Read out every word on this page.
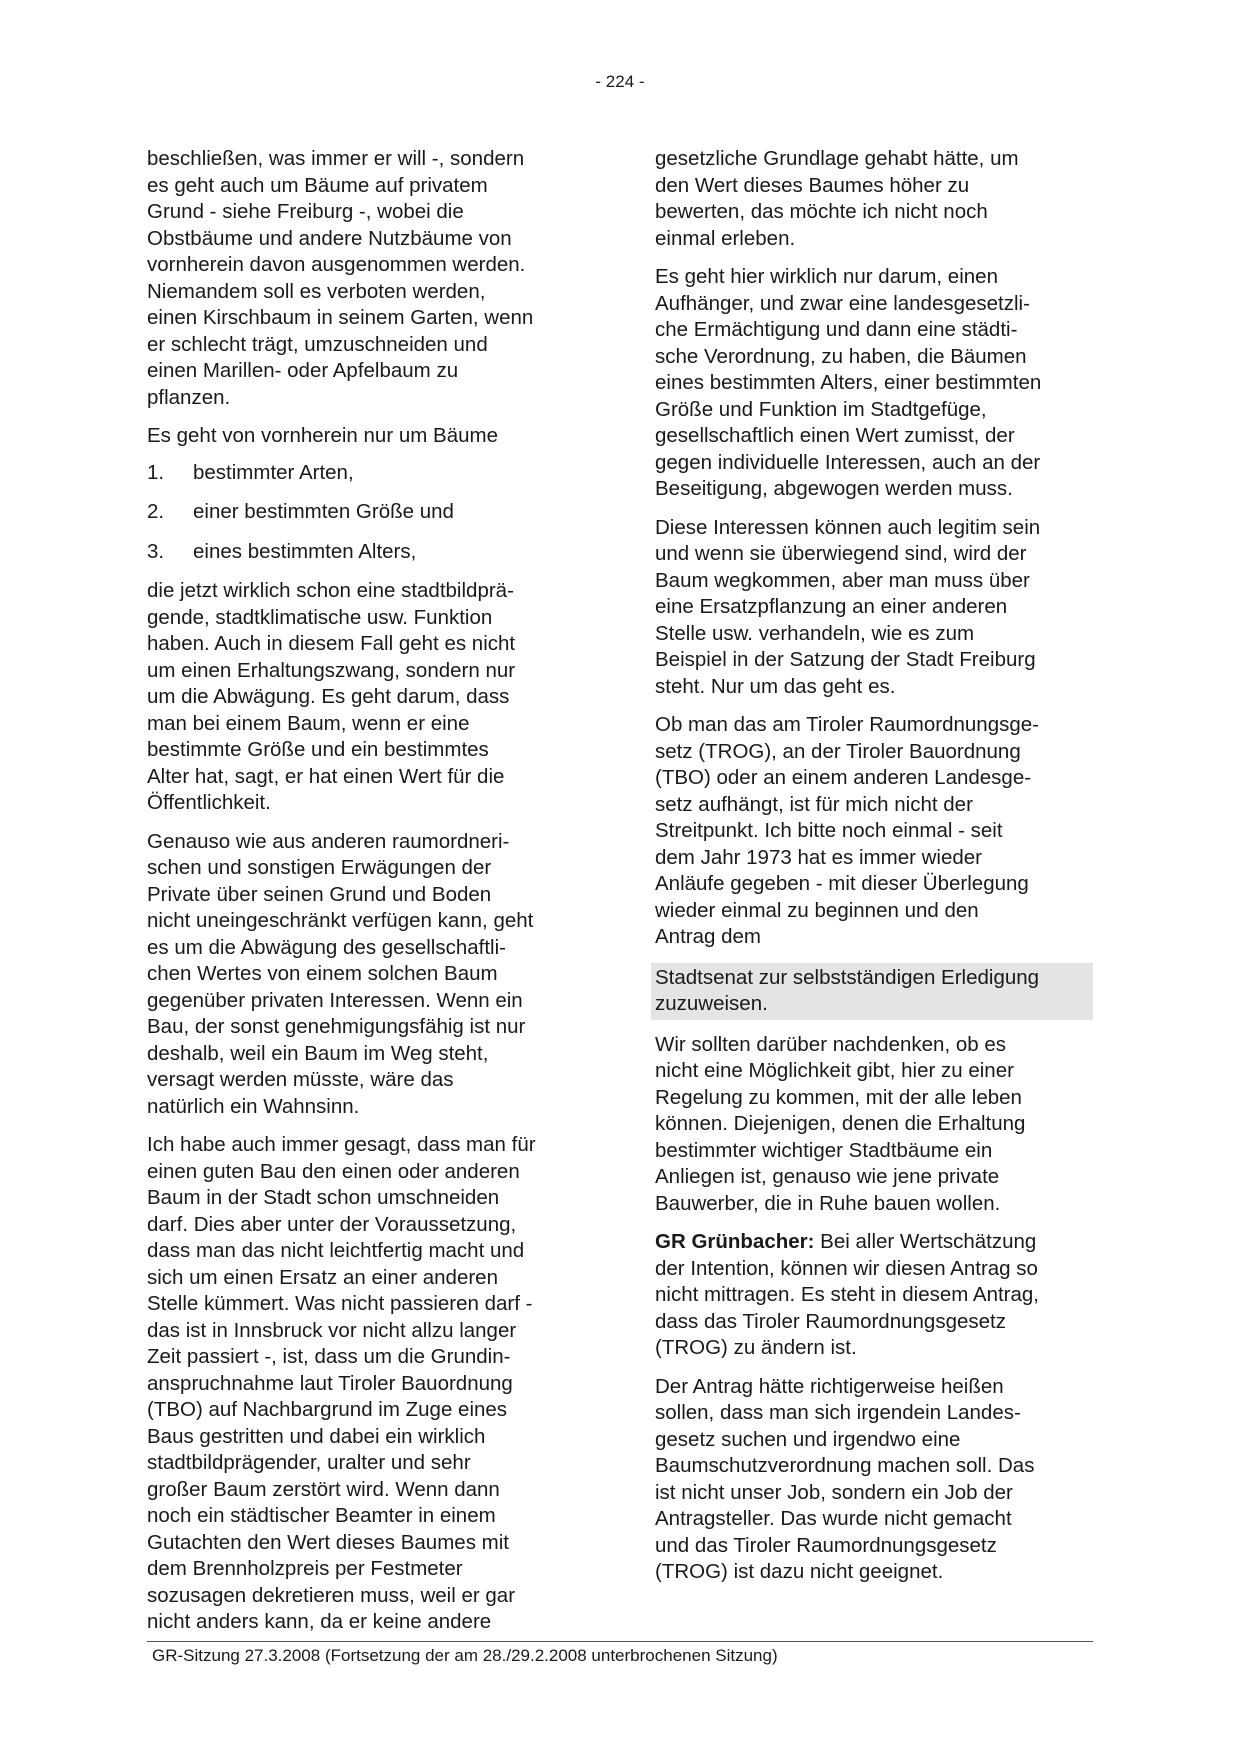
- 224 -

beschließen, was immer er will -, sondern
es geht auch um Bäume auf privatem
Grund - siehe Freiburg -, wobei die
Obstbäume und andere Nutzbäume von
vornherein davon ausgenommen werden.
Niemandem soll es verboten werden,
einen Kirschbaum in seinem Garten, wenn
er schlecht trägt, umzuschneiden und
einen Marillen- oder Apfelbaum zu
pflanzen.

Es geht von vornherein nur um Bäume

1.	bestimmter Arten,
2.	einer bestimmten Größe und
3.	eines bestimmten Alters,

die jetzt wirklich schon eine stadtbildprä-
gende, stadtklimatische usw. Funktion
haben. Auch in diesem Fall geht es nicht
um einen Erhaltungszwang, sondern nur
um die Abwägung. Es geht darum, dass
man bei einem Baum, wenn er eine
bestimmte Größe und ein bestimmtes
Alter hat, sagt, er hat einen Wert für die
Öffentlichkeit.

Genauso wie aus anderen raumordneri-
schen und sonstigen Erwägungen der
Private über seinen Grund und Boden
nicht uneingeschränkt verfügen kann, geht
es um die Abwägung des gesellschaftli-
chen Wertes von einem solchen Baum
gegenüber privaten Interessen. Wenn ein
Bau, der sonst genehmigungsfähig ist nur
deshalb, weil ein Baum im Weg steht,
versagt werden müsste, wäre das
natürlich ein Wahnsinn.

Ich habe auch immer gesagt, dass man für
einen guten Bau den einen oder anderen
Baum in der Stadt schon umschneiden
darf. Dies aber unter der Voraussetzung,
dass man das nicht leichtfertig macht und
sich um einen Ersatz an einer anderen
Stelle kümmert. Was nicht passieren darf -
das ist in Innsbruck vor nicht allzu langer
Zeit passiert -, ist, dass um die Grundin-
anspruchnahme laut Tiroler Bauordnung
(TBO) auf Nachbargrund im Zuge eines
Baus gestritten und dabei ein wirklich
stadtbildprägender, uralter und sehr
großer Baum zerstört wird. Wenn dann
noch ein städtischer Beamter in einem
Gutachten den Wert dieses Baumes mit
dem Brennholzpreis per Festmeter
sozusagen dekretieren muss, weil er gar
nicht anders kann, da er keine andere

gesetzliche Grundlage gehabt hätte, um
den Wert dieses Baumes höher zu
bewerten, das möchte ich nicht noch
einmal erleben.

Es geht hier wirklich nur darum, einen
Aufhänger, und zwar eine landesgesetzli-
che Ermächtigung und dann eine städti-
sche Verordnung, zu haben, die Bäumen
eines bestimmten Alters, einer bestimmten
Größe und Funktion im Stadtgefüge,
gesellschaftlich einen Wert zumisst, der
gegen individuelle Interessen, auch an der
Beseitigung, abgewogen werden muss.

Diese Interessen können auch legitim sein
und wenn sie überwiegend sind, wird der
Baum wegkommen, aber man muss über
eine Ersatzpflanzung an einer anderen
Stelle usw. verhandeln, wie es zum
Beispiel in der Satzung der Stadt Freiburg
steht. Nur um das geht es.

Ob man das am Tiroler Raumordnungsge-
setz (TROG), an der Tiroler Bauordnung
(TBO) oder an einem anderen Landesge-
setz aufhängt, ist für mich nicht der
Streitpunkt. Ich bitte noch einmal - seit
dem Jahr 1973 hat es immer wieder
Anläufe gegeben - mit dieser Überlegung
wieder einmal zu beginnen und den
Antrag dem

Stadtsenat zur selbstständigen Erledigung
zuzuweisen.

Wir sollten darüber nachdenken, ob es
nicht eine Möglichkeit gibt, hier zu einer
Regelung zu kommen, mit der alle leben
können. Diejenigen, denen die Erhaltung
bestimmter wichtiger Stadtbäume ein
Anliegen ist, genauso wie jene private
Bauwerber, die in Ruhe bauen wollen.

GR Grünbacher: Bei aller Wertschätzung
der Intention, können wir diesen Antrag so
nicht mittragen. Es steht in diesem Antrag,
dass das Tiroler Raumordnungsgesetz
(TROG) zu ändern ist.

Der Antrag hätte richtigerweise heißen
sollen, dass man sich irgendein Landes-
gesetz suchen und irgendwo eine
Baumschutzverordnung machen soll. Das
ist nicht unser Job, sondern ein Job der
Antragsteller. Das wurde nicht gemacht
und das Tiroler Raumordnungsgesetz
(TROG) ist dazu nicht geeignet.

GR-Sitzung 27.3.2008 (Fortsetzung der am 28./29.2.2008 unterbrochenen Sitzung)
